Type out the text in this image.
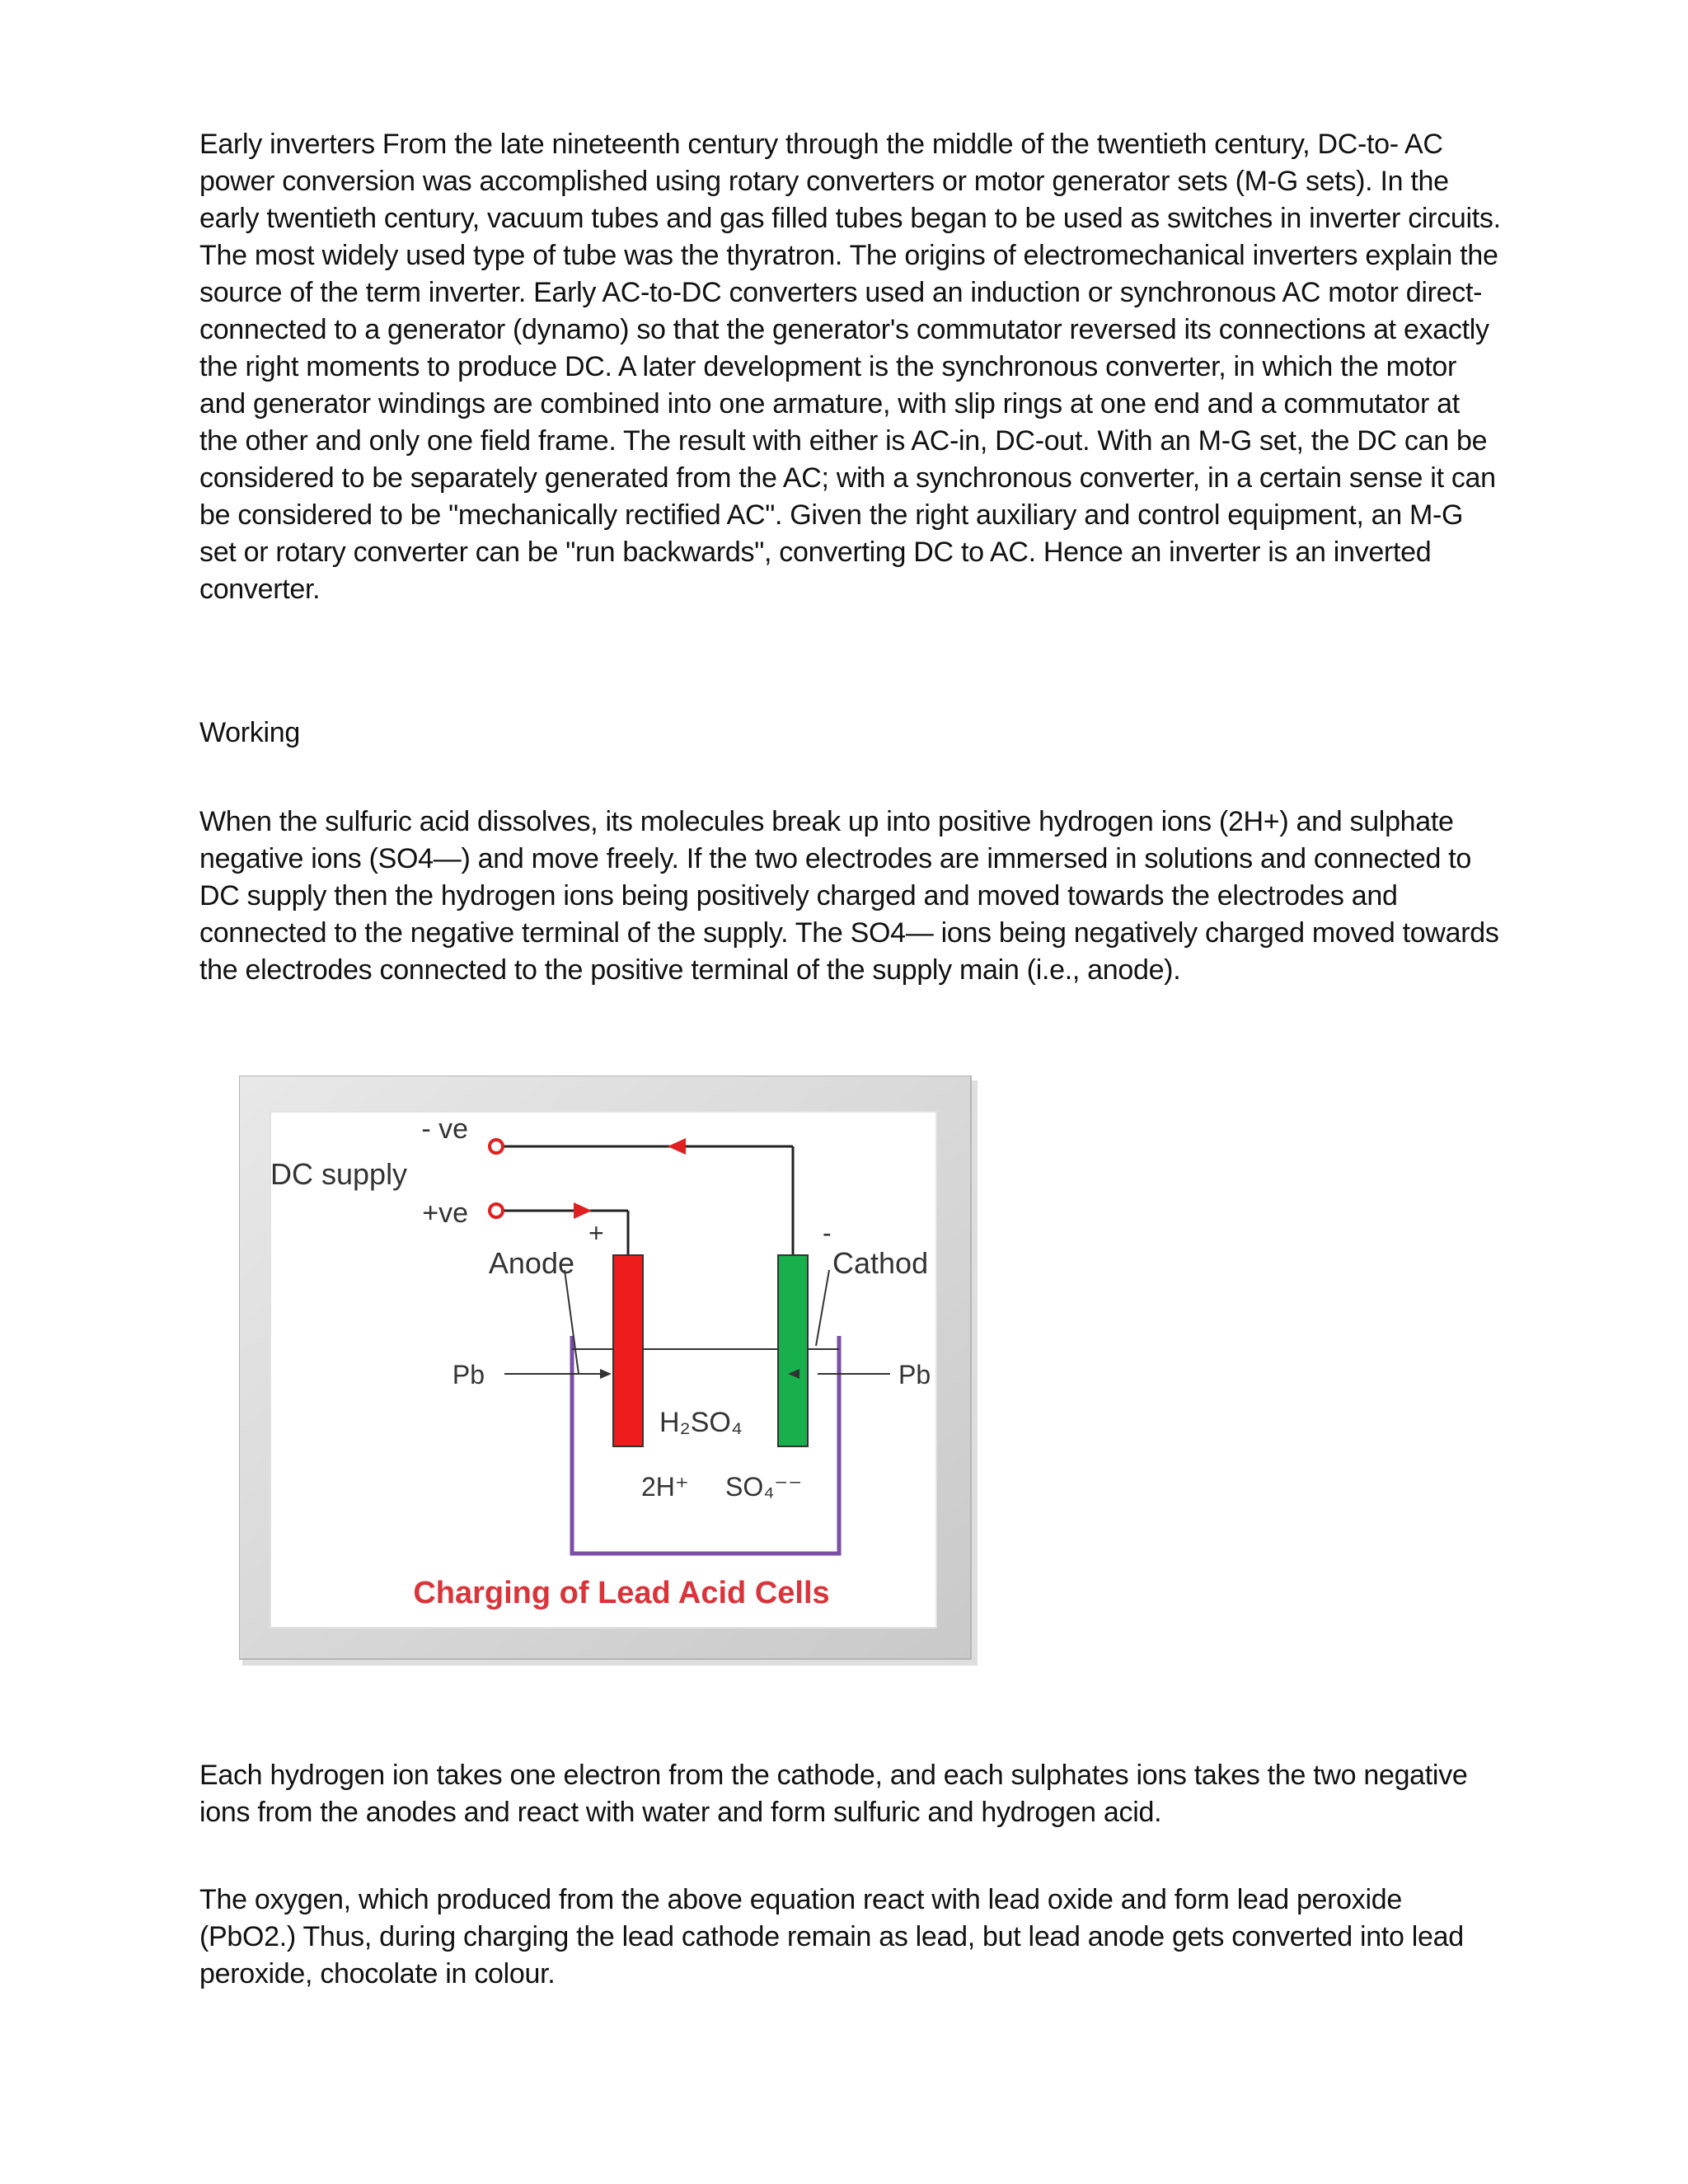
Early inverters From the late nineteenth century through the middle of the twentieth century, DC-to- AC power conversion was accomplished using rotary converters or motor generator sets (M-G sets). In the early twentieth century, vacuum tubes and gas filled tubes began to be used as switches in inverter circuits. The most widely used type of tube was the thyratron. The origins of electromechanical inverters explain the source of the term inverter. Early AC-to-DC converters used an induction or synchronous AC motor direct-connected to a generator (dynamo) so that the generator's commutator reversed its connections at exactly the right moments to produce DC. A later development is the synchronous converter, in which the motor and generator windings are combined into one armature, with slip rings at one end and a commutator at the other and only one field frame. The result with either is AC-in, DC-out. With an M-G set, the DC can be considered to be separately generated from the AC; with a synchronous converter, in a certain sense it can be considered to be "mechanically rectified AC". Given the right auxiliary and control equipment, an M-G set or rotary converter can be "run backwards", converting DC to AC. Hence an inverter is an inverted converter.

Working

When the sulfuric acid dissolves, its molecules break up into positive hydrogen ions (2H+) and sulphate negative ions (SO4—) and move freely. If the two electrodes are immersed in solutions and connected to DC supply then the hydrogen ions being positively charged and moved towards the electrodes and connected to the negative terminal of the supply. The SO4— ions being negatively charged moved towards the electrodes connected to the positive terminal of the supply main (i.e., anode).

- ve
DC supply
+ve
+	-
Anode	Cathod
Pb	Pb
H₂SO₄
2H⁺ SO₄⁻⁻
Charging of Lead Acid Cells

Each hydrogen ion takes one electron from the cathode, and each sulphates ions takes the two negative ions from the anodes and react with water and form sulfuric and hydrogen acid.

The oxygen, which produced from the above equation react with lead oxide and form lead peroxide (PbO2.) Thus, during charging the lead cathode remain as lead, but lead anode gets converted into lead peroxide, chocolate in colour.
